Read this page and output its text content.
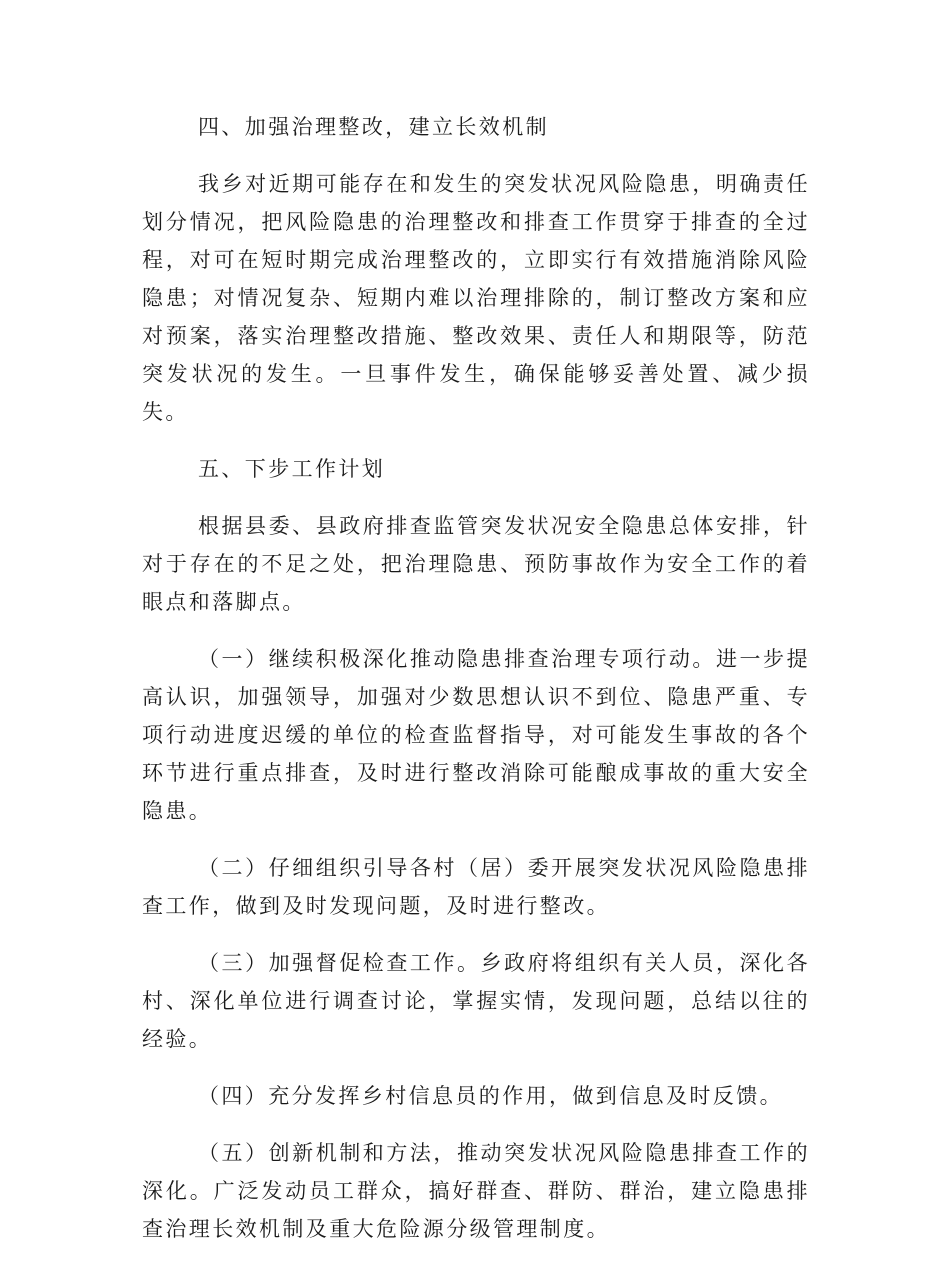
四、加强治理整改，建立长效机制

我乡对近期可能存在和发生的突发状况风险隐患，明确责任划分情况，把风险隐患的治理整改和排查工作贯穿于排查的全过程，对可在短时期完成治理整改的，立即实行有效措施消除风险隐患；对情况复杂、短期内难以治理排除的，制订整改方案和应对预案，落实治理整改措施、整改效果、责任人和期限等，防范突发状况的发生。一旦事件发生，确保能够妥善处置、减少损失。

五、下步工作计划

根据县委、县政府排查监管突发状况安全隐患总体安排，针对于存在的不足之处，把治理隐患、预防事故作为安全工作的着眼点和落脚点。

（一）继续积极深化推动隐患排查治理专项行动。进一步提高认识，加强领导，加强对少数思想认识不到位、隐患严重、专项行动进度迟缓的单位的检查监督指导，对可能发生事故的各个环节进行重点排查，及时进行整改消除可能酿成事故的重大安全隐患。

（二）仔细组织引导各村（居）委开展突发状况风险隐患排查工作，做到及时发现问题，及时进行整改。

（三）加强督促检查工作。乡政府将组织有关人员，深化各村、深化单位进行调查讨论，掌握实情，发现问题，总结以往的经验。

（四）充分发挥乡村信息员的作用，做到信息及时反馈。

（五）创新机制和方法，推动突发状况风险隐患排查工作的深化。广泛发动员工群众，搞好群查、群防、群治，建立隐患排查治理长效机制及重大危险源分级管理制度。
